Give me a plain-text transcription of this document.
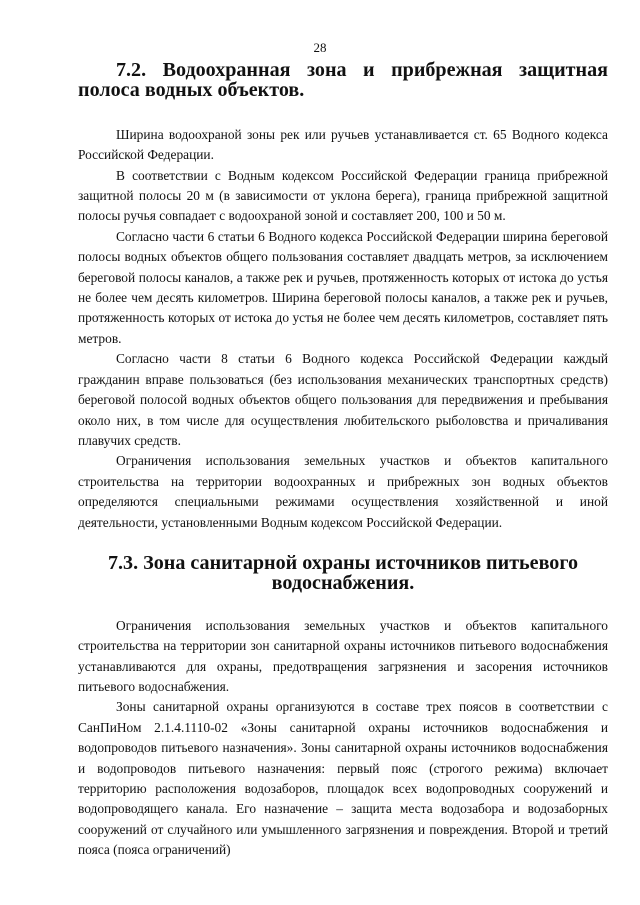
28
7.2. Водоохранная зона и прибрежная защитная полоса водных объектов.

Ширина водоохраной зоны рек или ручьев устанавливается ст. 65 Водного кодекса Российской Федерации.

В соответствии с Водным кодексом Российской Федерации граница прибрежной защитной полосы 20 м (в зависимости от уклона берега), граница прибрежной защитной полосы ручья совпадает с водоохраной зоной и составляет 200, 100 и 50 м.

Согласно части 6 статьи 6 Водного кодекса Российской Федерации ширина береговой полосы водных объектов общего пользования составляет двадцать метров, за исключением береговой полосы каналов, а также рек и ручьев, протяженность которых от истока до устья не более чем десять километров. Ширина береговой полосы каналов, а также рек и ручьев, протяженность которых от истока до устья не более чем десять километров, составляет пять метров.

Согласно части 8 статьи 6 Водного кодекса Российской Федерации каждый гражданин вправе пользоваться (без использования механических транспортных средств) береговой полосой водных объектов общего пользования для передвижения и пребывания около них, в том числе для осуществления любительского рыболовства и причаливания плавучих средств.

Ограничения использования земельных участков и объектов капитального строительства на территории водоохранных и прибрежных зон водных объектов определяются специальными режимами осуществления хозяйственной и иной деятельности, установленными Водным кодексом Российской Федерации.

7.3. Зона санитарной охраны источников питьевого водоснабжения.

Ограничения использования земельных участков и объектов капитального строительства на территории зон санитарной охраны источников питьевого водоснабжения устанавливаются для охраны, предотвращения загрязнения и засорения источников питьевого водоснабжения.

Зоны санитарной охраны организуются в составе трех поясов в соответствии с СанПиНом 2.1.4.1110-02 «Зоны санитарной охраны источников водоснабжения и водопроводов питьевого назначения». Зоны санитарной охраны источников водоснабжения и водопроводов питьевого назначения: первый пояс (строгого режима) включает территорию расположения водозаборов, площадок всех водопроводных сооружений и водопроводящего канала. Его назначение – защита места водозабора и водозаборных сооружений от случайного или умышленного загрязнения и повреждения. Второй и третий пояса (пояса ограничений)
